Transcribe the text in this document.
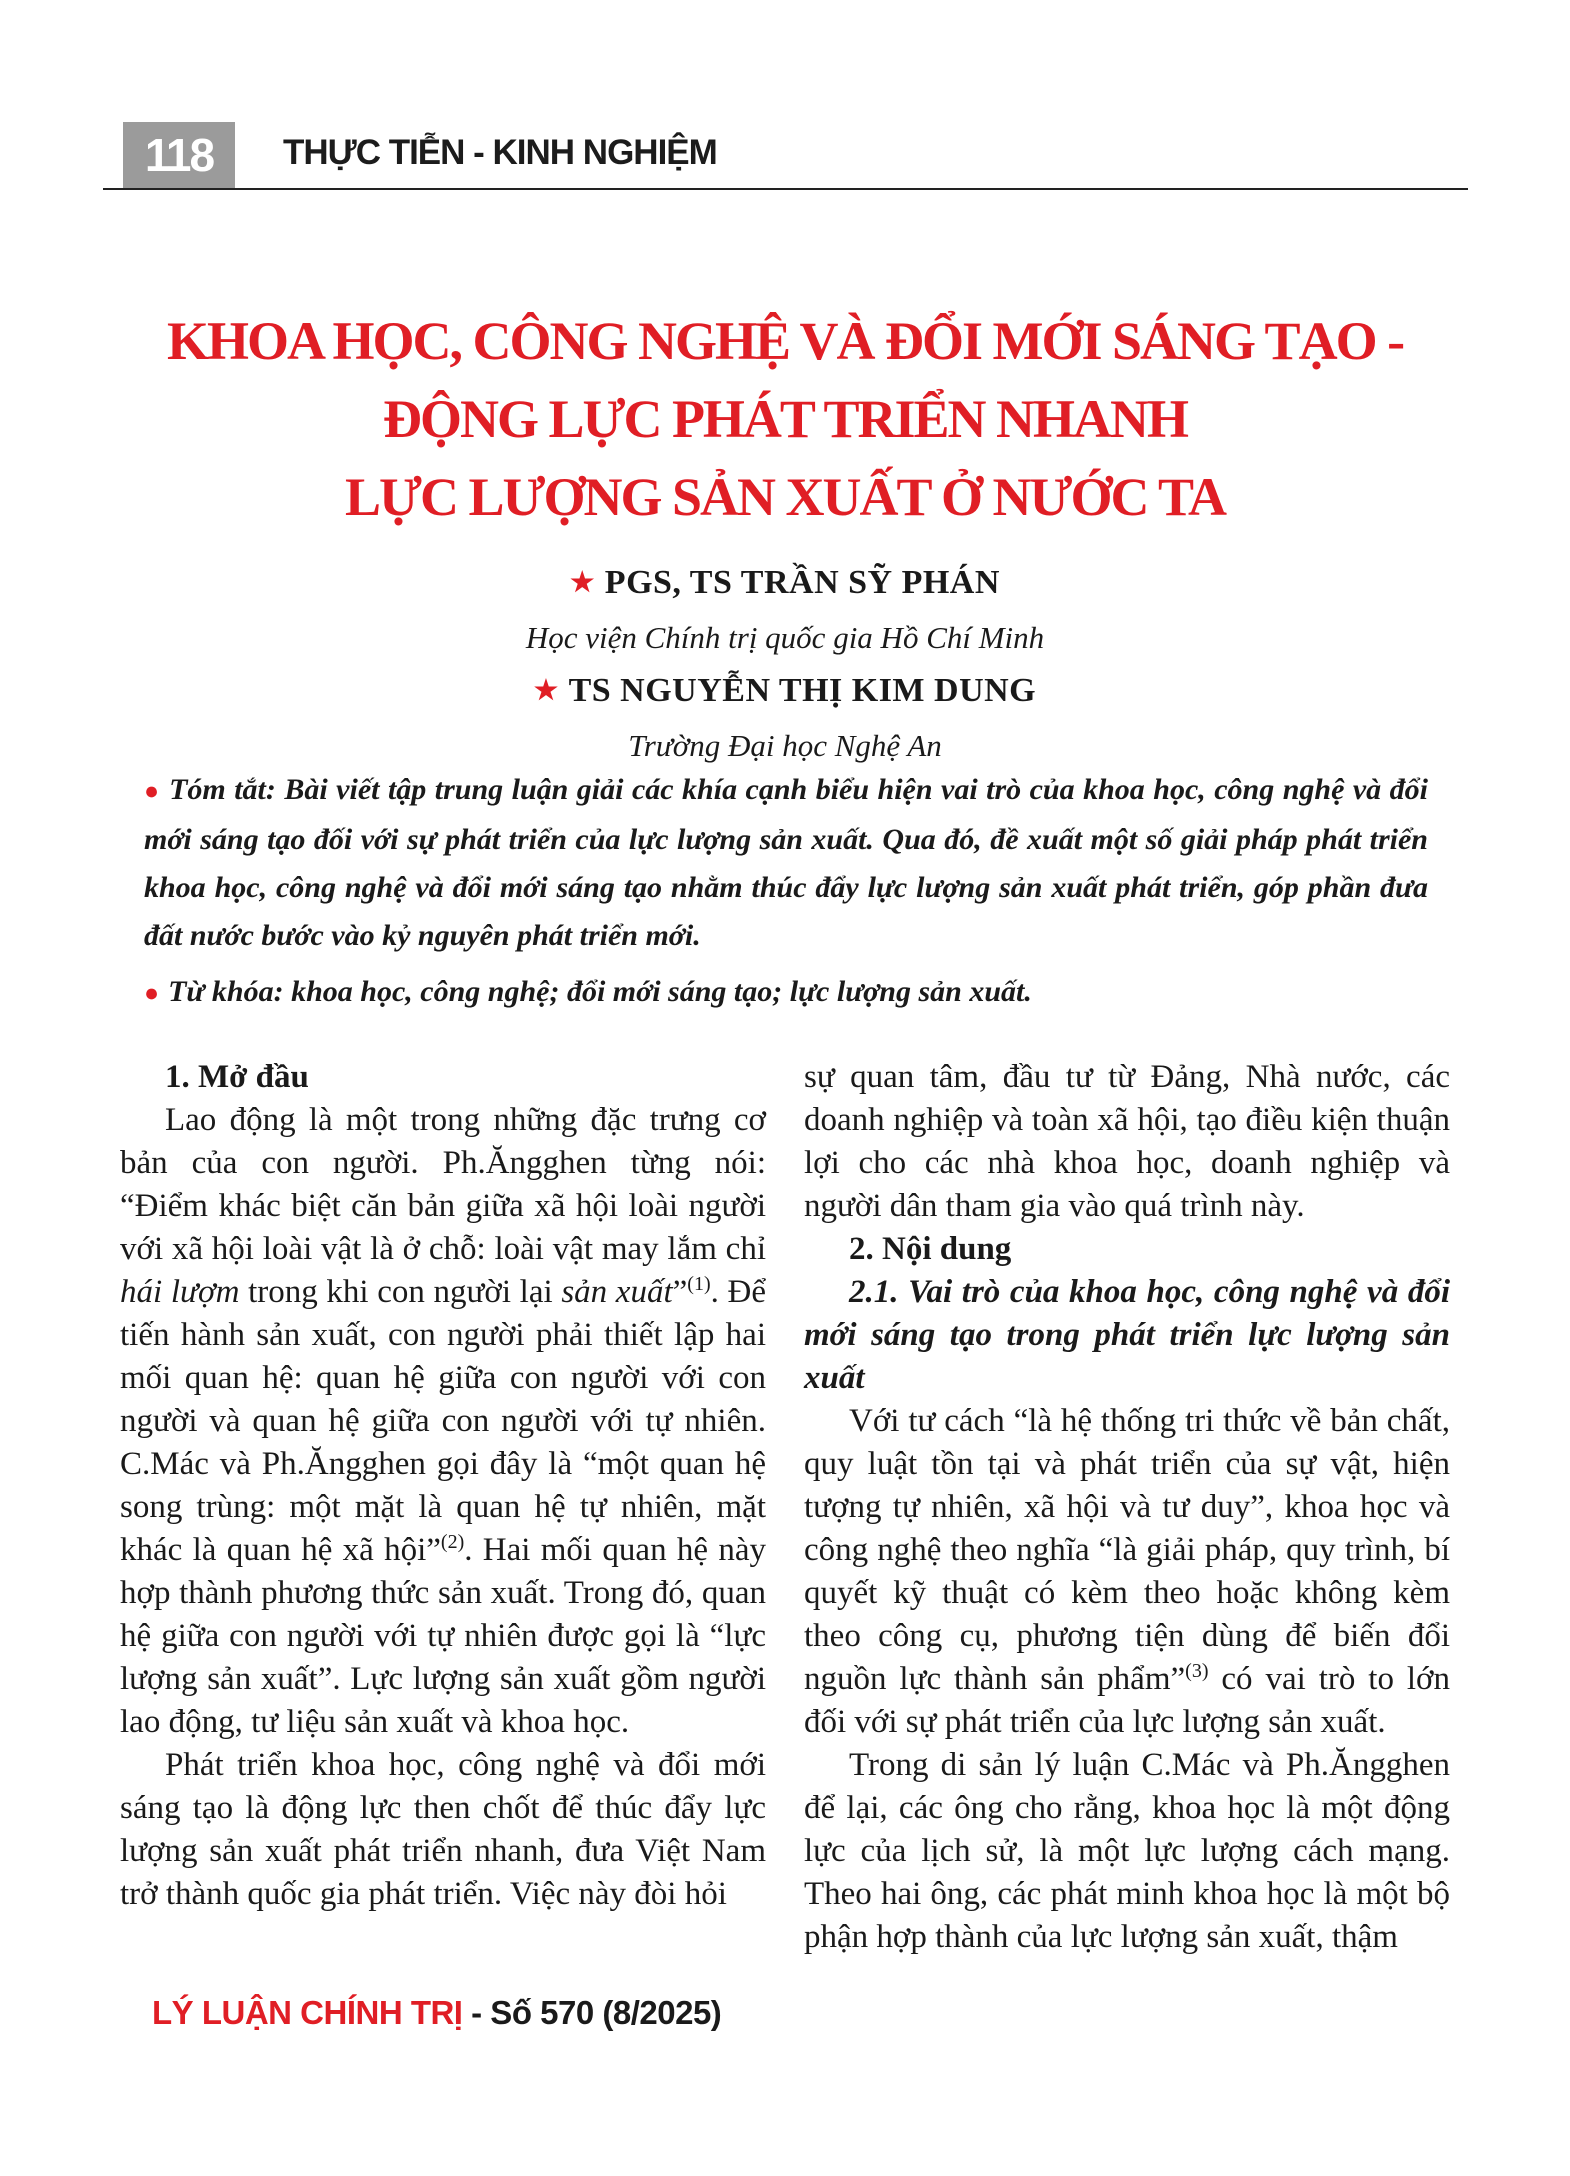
118	THỰC TIỄN - KINH NGHIỆM
KHOA HỌC, CÔNG NGHỆ VÀ ĐỔI MỚI SÁNG TẠO -
ĐỘNG LỰC PHÁT TRIỂN NHANH
LỰC LƯỢNG SẢN XUẤT Ở NƯỚC TA
★ PGS, TS TRẦN SỸ PHÁN
Học viện Chính trị quốc gia Hồ Chí Minh
★ TS NGUYỄN THỊ KIM DUNG
Trường Đại học Nghệ An

● Tóm tắt: Bài viết tập trung luận giải các khía cạnh biểu hiện vai trò của khoa học, công nghệ và đổi mới sáng tạo đối với sự phát triển của lực lượng sản xuất. Qua đó, đề xuất một số giải pháp phát triển khoa học, công nghệ và đổi mới sáng tạo nhằm thúc đẩy lực lượng sản xuất phát triển, góp phần đưa đất nước bước vào kỷ nguyên phát triển mới.

● Từ khóa: khoa học, công nghệ; đổi mới sáng tạo; lực lượng sản xuất.

1. Mở đầu

Lao động là một trong những đặc trưng cơ bản của con người. Ph.Ăngghen từng nói: “Điểm khác biệt căn bản giữa xã hội loài người với xã hội loài vật là ở chỗ: loài vật may lắm chỉ hái lượm trong khi con người lại sản xuất”$^{(1)}$. Để tiến hành sản xuất, con người phải thiết lập hai mối quan hệ: quan hệ giữa con người với con người và quan hệ giữa con người với tự nhiên. C.Mác và Ph.Ăngghen gọi đây là “một quan hệ song trùng: một mặt là quan hệ tự nhiên, mặt khác là quan hệ xã hội”$^{(2)}$. Hai mối quan hệ này hợp thành phương thức sản xuất. Trong đó, quan hệ giữa con người với tự nhiên được gọi là “lực lượng sản xuất”. Lực lượng sản xuất gồm người lao động, tư liệu sản xuất và khoa học.

Phát triển khoa học, công nghệ và đổi mới sáng tạo là động lực then chốt để thúc đẩy lực lượng sản xuất phát triển nhanh, đưa Việt Nam trở thành quốc gia phát triển. Việc này đòi hỏi

sự quan tâm, đầu tư từ Đảng, Nhà nước, các doanh nghiệp và toàn xã hội, tạo điều kiện thuận lợi cho các nhà khoa học, doanh nghiệp và người dân tham gia vào quá trình này.

2. Nội dung

2.1. Vai trò của khoa học, công nghệ và đổi mới sáng tạo trong phát triển lực lượng sản xuất

Với tư cách “là hệ thống tri thức về bản chất, quy luật tồn tại và phát triển của sự vật, hiện tượng tự nhiên, xã hội và tư duy”, khoa học và công nghệ theo nghĩa “là giải pháp, quy trình, bí quyết kỹ thuật có kèm theo hoặc không kèm theo công cụ, phương tiện dùng để biến đổi nguồn lực thành sản phẩm”$^{(3)}$ có vai trò to lớn đối với sự phát triển của lực lượng sản xuất.

Trong di sản lý luận C.Mác và Ph.Ăngghen để lại, các ông cho rằng, khoa học là một động lực của lịch sử, là một lực lượng cách mạng. Theo hai ông, các phát minh khoa học là một bộ phận hợp thành của lực lượng sản xuất, thậm

LÝ LUẬN CHÍNH TRỊ - Số 570 (8/2025)
